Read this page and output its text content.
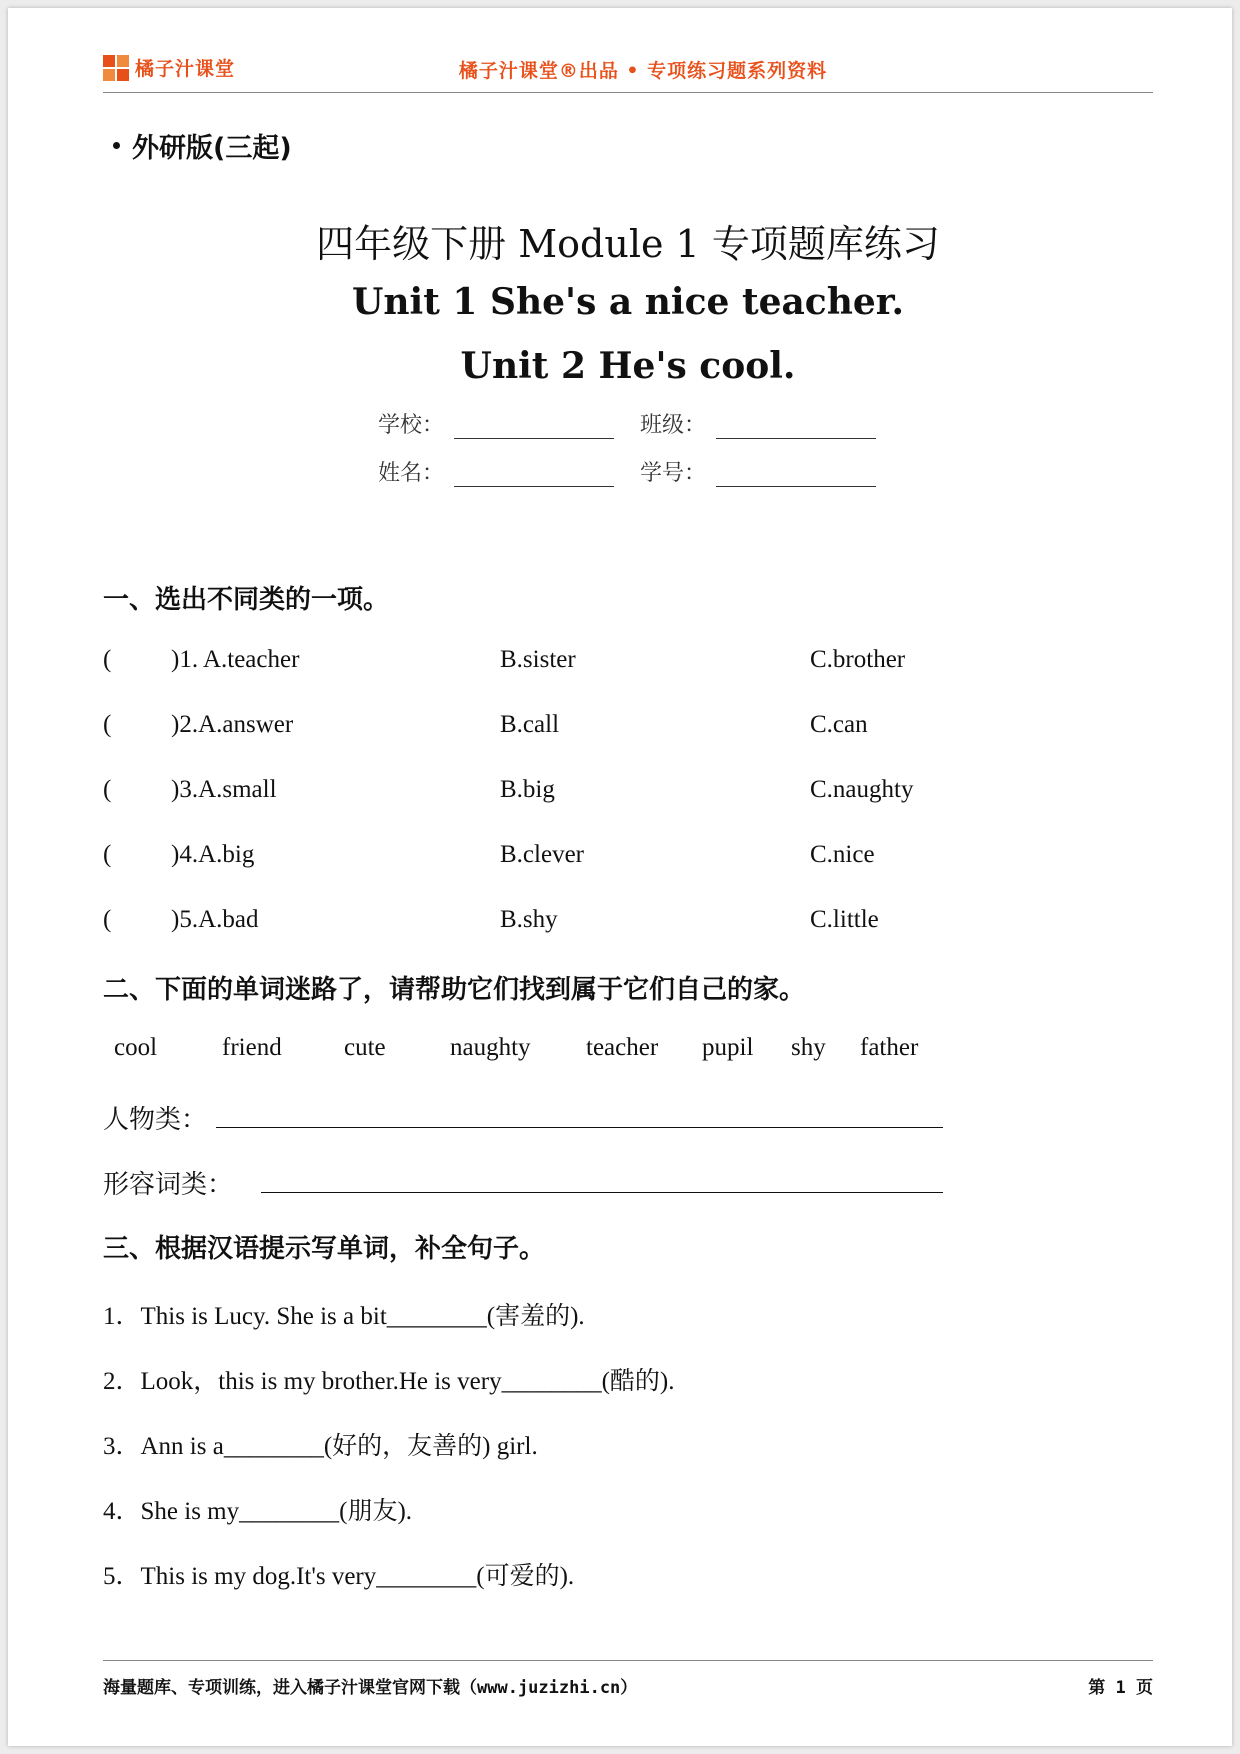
橘子汁课堂	橘子汁课堂®出品 • 专项练习题系列资料
外研版(三起)
四年级下册 Module 1 专项题库练习
Unit 1 She's a nice teacher.
Unit 2 He's cool.
学校：	班级：
姓名：	学号：
一、选出不同类的一项。
( )1. A.teacher	B.sister	C.brother
( )2.A.answer	B.call	C.can
( )3.A.small	B.big	C.naughty
( )4.A.big	B.clever	C.nice
( )5.A.bad	B.shy	C.little
二、下面的单词迷路了，请帮助它们找到属于它们自己的家。
cool	friend cute	naughty teacher pupil shy father
人物类：
形容词类：
三、根据汉语提示写单词，补全句子。
1．This is Lucy. She is a bit________(害羞的).
2．Look，this is my brother.He is very________(酷的).
3．Ann is a________(好的，友善的) girl.
4．She is my________(朋友).
5．This is my dog.It's very________(可爱的).
海量题库、专项训练，进入橘子汁课堂官网下载（www.juzizhi.cn）	第 1 页
